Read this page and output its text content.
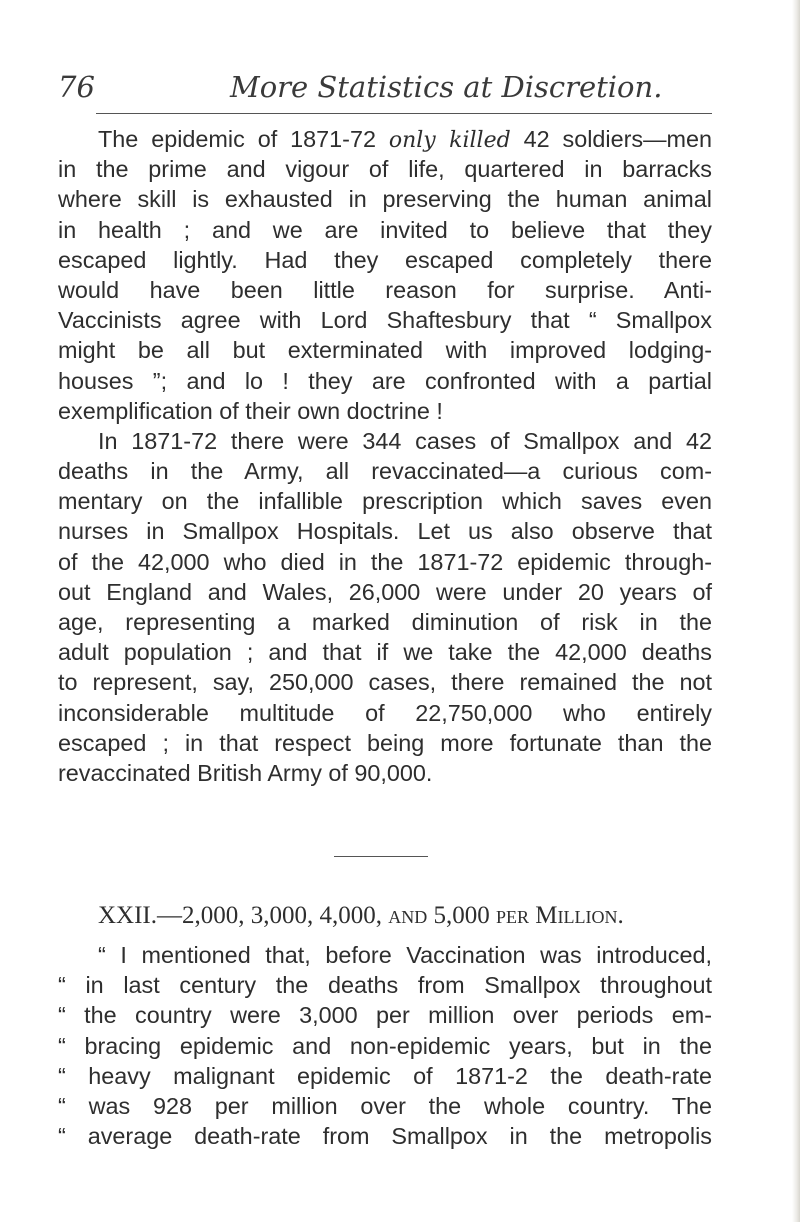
76	More Statistics at Discretion.
The epidemic of 1871-72 only killed 42 soldiers—men
in the prime and vigour of life, quartered in barracks
where skill is exhausted in preserving the human animal
in health ; and we are invited to believe that they
escaped lightly. Had they escaped completely there
would have been little reason for surprise. Anti-
Vaccinists agree with Lord Shaftesbury that “ Smallpox
might be all but exterminated with improved lodging-
houses ”; and lo ! they are confronted with a partial
exemplification of their own doctrine !
In 1871-72 there were 344 cases of Smallpox and 42
deaths in the Army, all revaccinated—a curious com-
mentary on the infallible prescription which saves even
nurses in Smallpox Hospitals. Let us also observe that
of the 42,000 who died in the 1871-72 epidemic through-
out England and Wales, 26,000 were under 20 years of
age, representing a marked diminution of risk in the
adult population ; and that if we take the 42,000 deaths
to represent, say, 250,000 cases, there remained the not
inconsiderable multitude of 22,750,000 who entirely
escaped ; in that respect being more fortunate than the
revaccinated British Army of 90,000.
XXII.—2,000, 3,000, 4,000, and 5,000 per Million.
“ I mentioned that, before Vaccination was introduced,
“ in last century the deaths from Smallpox throughout
“ the country were 3,000 per million over periods em-
“ bracing epidemic and non-epidemic years, but in the
“ heavy malignant epidemic of 1871-2 the death-rate
“ was 928 per million over the whole country. The
“ average death-rate from Smallpox in the metropolis
